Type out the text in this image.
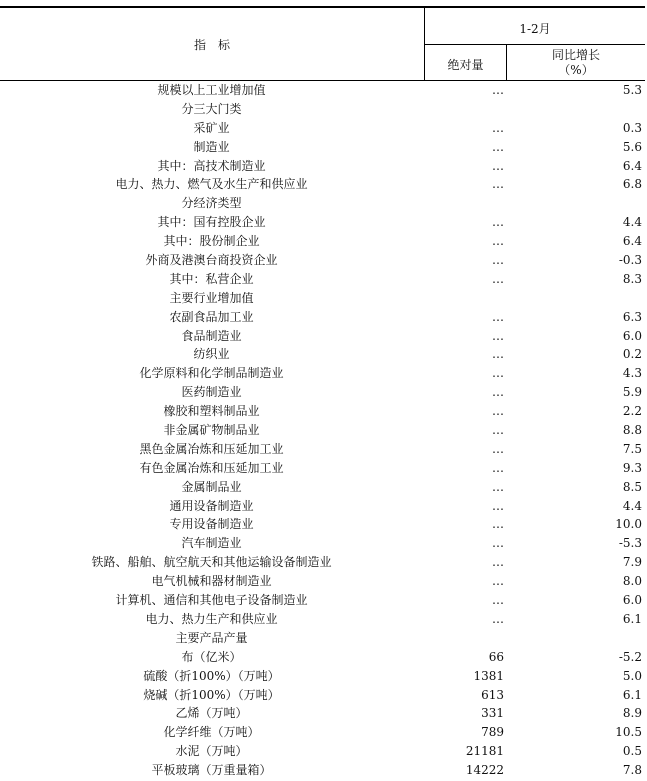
指　标
1-2月
绝对量
同比增长
（%）
规模以上工业增加值	…	5.3
分三大门类
采矿业	…	0.3
制造业	…	5.6
其中：高技术制造业	…	6.4
电力、热力、燃气及水生产和供应业	…	6.8
分经济类型
其中：国有控股企业	…	4.4
其中：股份制企业	…	6.4
外商及港澳台商投资企业	…	-0.3
其中：私营企业	…	8.3
主要行业增加值
农副食品加工业	…	6.3
食品制造业	…	6.0
纺织业	…	0.2
化学原料和化学制品制造业	…	4.3
医药制造业	…	5.9
橡胶和塑料制品业	…	2.2
非金属矿物制品业	…	8.8
黑色金属冶炼和压延加工业	…	7.5
有色金属冶炼和压延加工业	…	9.3
金属制品业	…	8.5
通用设备制造业	…	4.4
专用设备制造业	…	10.0
汽车制造业	…	-5.3
铁路、船舶、航空航天和其他运输设备制造业	…	7.9
电气机械和器材制造业	…	8.0
计算机、通信和其他电子设备制造业	…	6.0
电力、热力生产和供应业	…	6.1
主要产品产量
布（亿米）	66	-5.2
硫酸（折100%）（万吨）	1381	5.0
烧碱（折100%）（万吨）	613	6.1
乙烯（万吨）	331	8.9
化学纤维（万吨）	789	10.5
水泥（万吨）	21181	0.5
平板玻璃（万重量箱）	14222	7.8
